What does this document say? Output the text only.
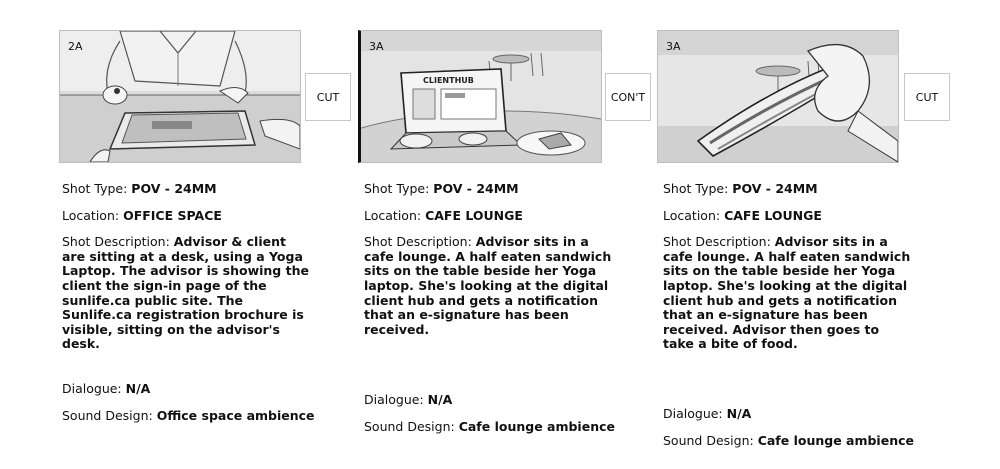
2A
CUT
Shot Type: POV - 24MM
Location: OFFICE SPACE
Shot Description: Advisor & client are sitting at a desk, using a Yoga Laptop. The advisor is showing the client the sign-in page of the sunlife.ca public site. The Sunlife.ca registration brochure is visible, sitting on the advisor's desk.
Dialogue: N/A
Sound Design: Office space ambience
CLIENTHUB
3A
CON'T
Shot Type: POV - 24MM
Location: CAFE LOUNGE
Shot Description: Advisor sits in a cafe lounge. A half eaten sandwich sits on the table beside her Yoga laptop. She's looking at the digital client hub and gets a notification that an e-signature has been received.
Dialogue: N/A
Sound Design: Cafe lounge ambience
3A
CUT
Shot Type: POV - 24MM
Location: CAFE LOUNGE
Shot Description: Advisor sits in a cafe lounge. A half eaten sandwich sits on the table beside her Yoga laptop. She's looking at the digital client hub and gets a notification that an e-signature has been received. Advisor then goes to take a bite of food.
Dialogue: N/A
Sound Design: Cafe lounge ambience
